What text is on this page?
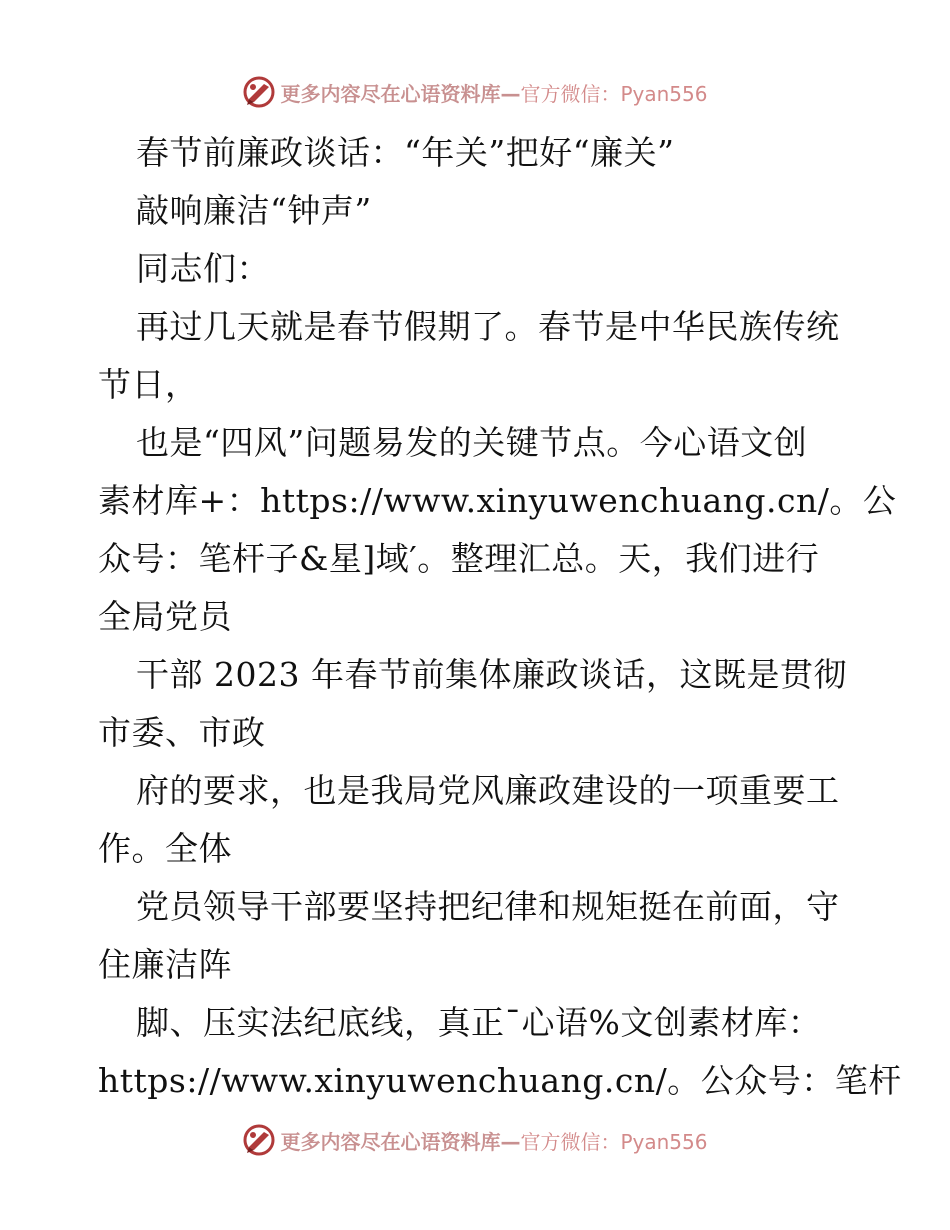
更多内容尽在心语资料库—官方微信：Pyan556
春节前廉政谈话：“年关”把好“廉关”
敲响廉洁“钟声”
同志们：
再过几天就是春节假期了。春节是中华民族传统
节日，
也是“四风”问题易发的关键节点。今心语文创
素材库+：https://www.xinyuwenchuang.cn/。公
众号：笔杆子&星]域′。整理汇总。天，我们进行
全局党员
干部 2023 年春节前集体廉政谈话，这既是贯彻
市委、市政
府的要求，也是我局党风廉政建设的一项重要工
作。全体
党员领导干部要坚持把纪律和规矩挺在前面，守
住廉洁阵
脚、压实法纪底线，真正¯心语%文创素材库：
https://www.xinyuwenchuang.cn/。公众号：笔杆
更多内容尽在心语资料库—官方微信：Pyan556
